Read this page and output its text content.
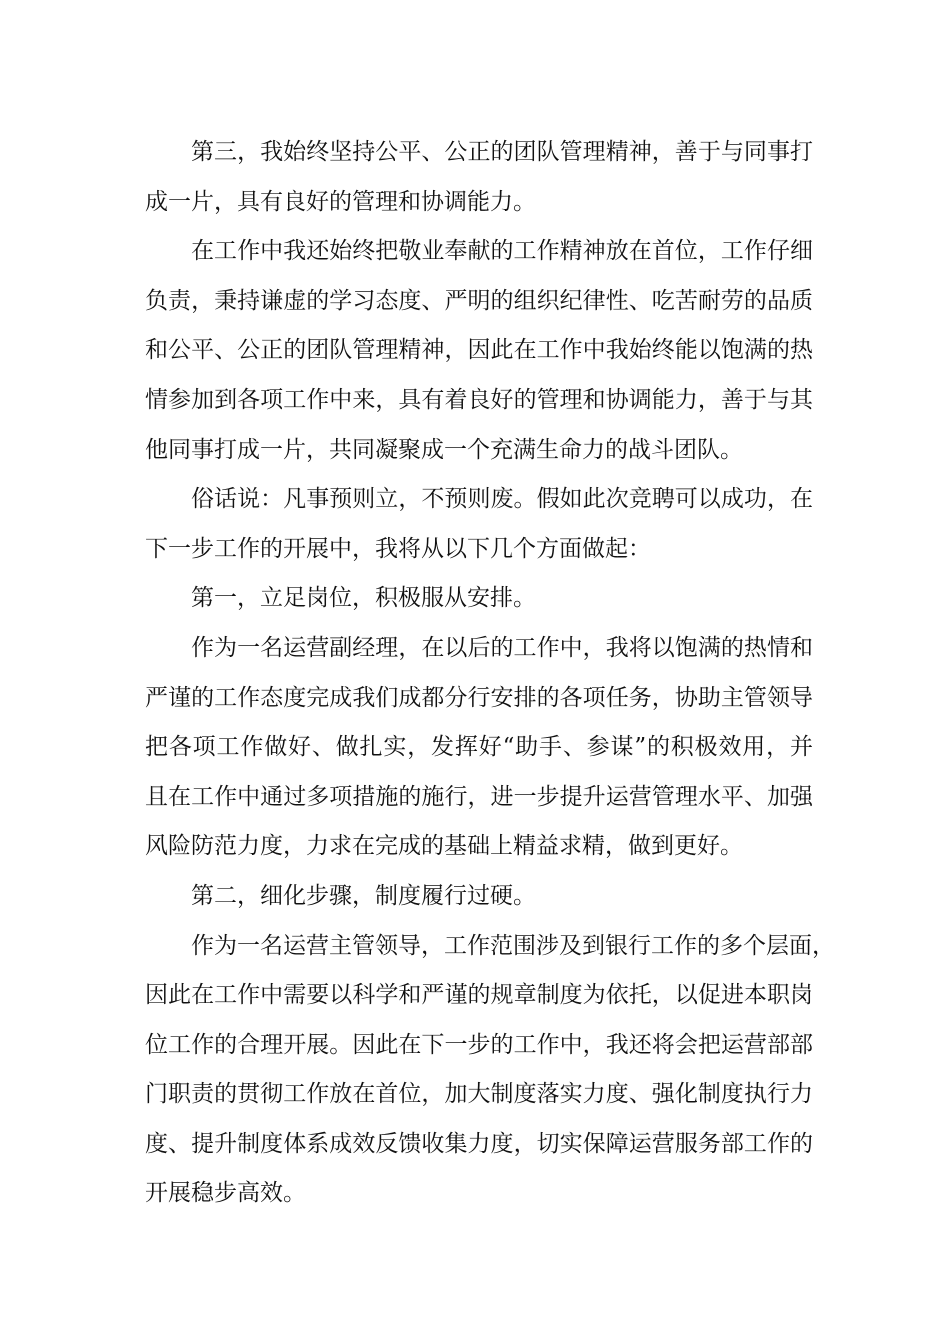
第三，我始终坚持公平、公正的团队管理精神，善于与同事打
成一片，具有良好的管理和协调能力。
在工作中我还始终把敬业奉献的工作精神放在首位，工作仔细
负责，秉持谦虚的学习态度、严明的组织纪律性、吃苦耐劳的品质
和公平、公正的团队管理精神，因此在工作中我始终能以饱满的热
情参加到各项工作中来，具有着良好的管理和协调能力，善于与其
他同事打成一片，共同凝聚成一个充满生命力的战斗团队。
俗话说：凡事预则立，不预则废。假如此次竞聘可以成功，在
下一步工作的开展中，我将从以下几个方面做起：
第一，立足岗位，积极服从安排。
作为一名运营副经理，在以后的工作中，我将以饱满的热情和
严谨的工作态度完成我们成都分行安排的各项任务，协助主管领导
把各项工作做好、做扎实，发挥好“助手、参谋”的积极效用，并
且在工作中通过多项措施的施行，进一步提升运营管理水平、加强
风险防范力度，力求在完成的基础上精益求精，做到更好。
第二，细化步骤，制度履行过硬。
作为一名运营主管领导，工作范围涉及到银行工作的多个层面，
因此在工作中需要以科学和严谨的规章制度为依托，以促进本职岗
位工作的合理开展。因此在下一步的工作中，我还将会把运营部部
门职责的贯彻工作放在首位，加大制度落实力度、强化制度执行力
度、提升制度体系成效反馈收集力度，切实保障运营服务部工作的
开展稳步高效。
